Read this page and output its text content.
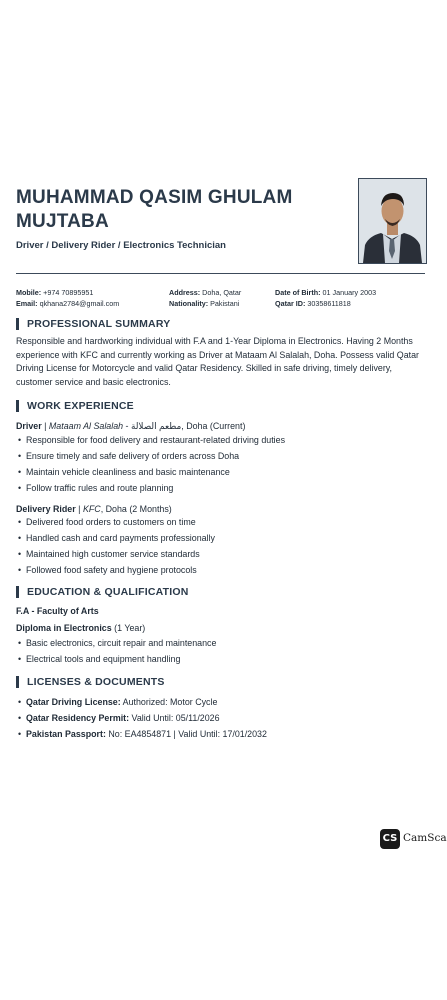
MUHAMMAD QASIM GHULAM MUJTABA
Driver / Delivery Rider / Electronics Technician
Mobile: +974 70895951
Email: qkhana2784@gmail.com
Address: Doha, Qatar
Nationality: Pakistani
Date of Birth: 01 January 2003
Qatar ID: 30358611818
PROFESSIONAL SUMMARY
Responsible and hardworking individual with F.A and 1-Year Diploma in Electronics. Having 2 Months experience with KFC and currently working as Driver at Mataam Al Salalah, Doha. Possess valid Qatar Driving License for Motorcycle and valid Qatar Residency. Skilled in safe driving, timely delivery, customer service and basic electronics.
WORK EXPERIENCE
Driver | Mataam Al Salalah - مطعم الصلالة, Doha (Current)
• Responsible for food delivery and restaurant-related driving duties
• Ensure timely and safe delivery of orders across Doha
• Maintain vehicle cleanliness and basic maintenance
• Follow traffic rules and route planning
Delivery Rider | KFC, Doha (2 Months)
• Delivered food orders to customers on time
• Handled cash and card payments professionally
• Maintained high customer service standards
• Followed food safety and hygiene protocols
EDUCATION & QUALIFICATION
F.A - Faculty of Arts
Diploma in Electronics (1 Year)
• Basic electronics, circuit repair and maintenance
• Electrical tools and equipment handling
LICENSES & DOCUMENTS
• Qatar Driving License: Authorized: Motor Cycle
• Qatar Residency Permit: Valid Until: 05/11/2026
• Pakistan Passport: No: EA4854871 | Valid Until: 17/01/2032
CS CamSca
